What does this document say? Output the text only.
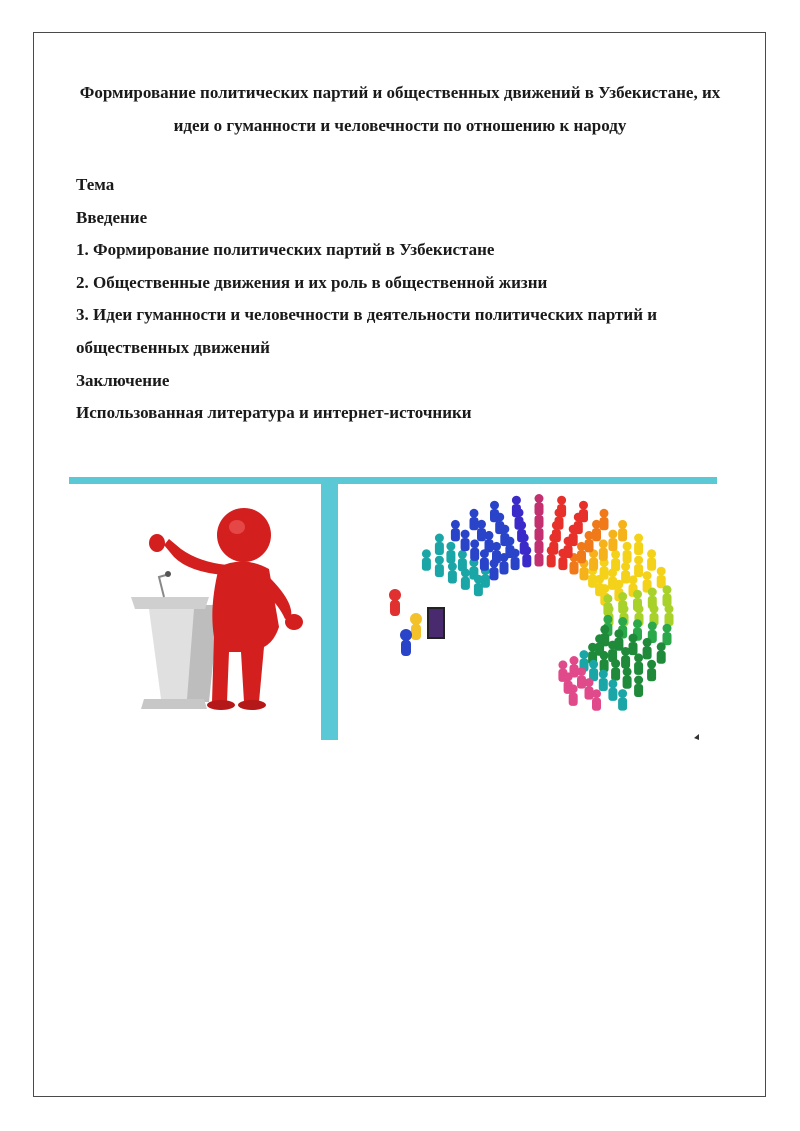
Формирование политических партий и общественных движений в Узбекистане, их идеи о гуманности и человечности по отношению к народу
Тема
Введение
1. Формирование политических партий в Узбекистане
2. Общественные движения и их роль в общественной жизни
3. Идеи гуманности и человечности в деятельности политических партий и общественных движений
Заключение
Использованная литература и интернет-источники
